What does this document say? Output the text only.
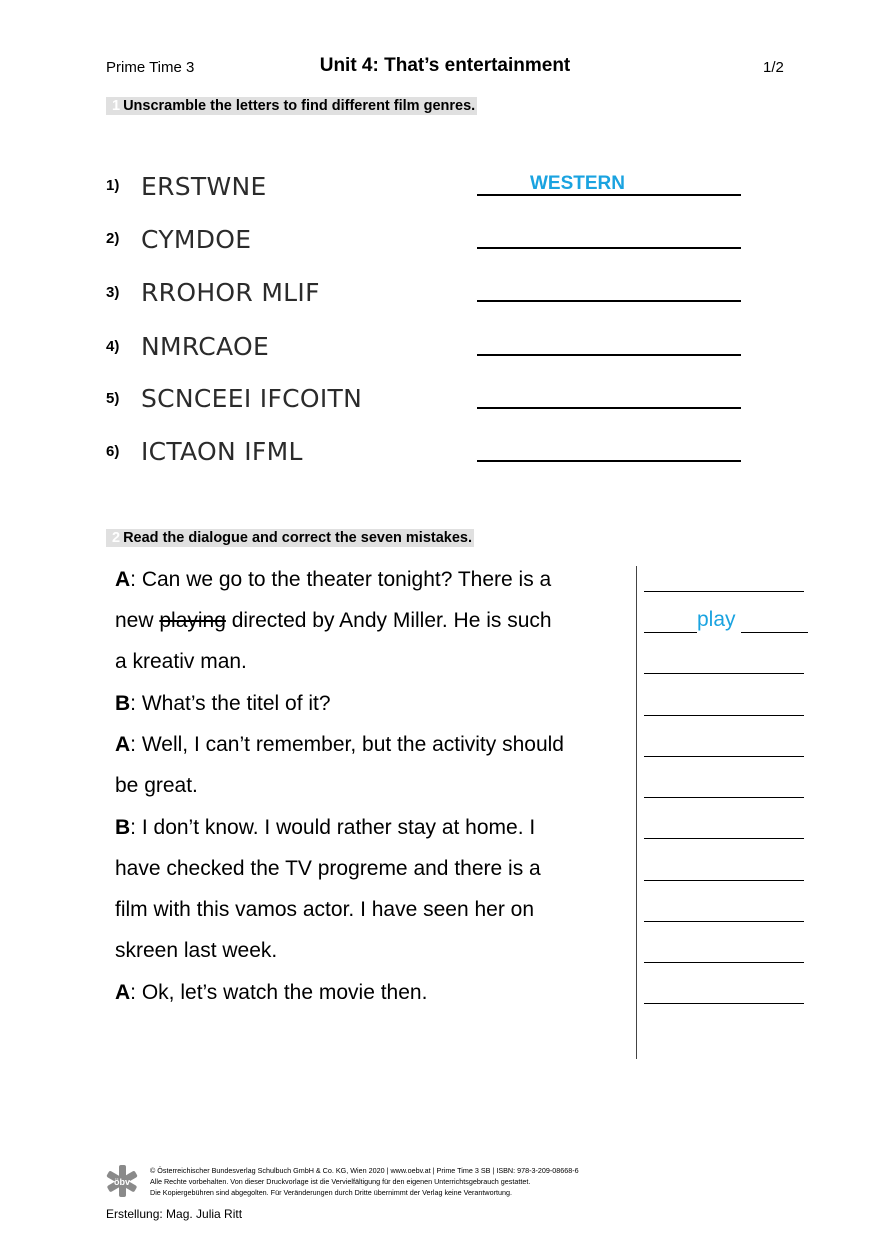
Prime Time 3	Unit 4: That’s entertainment	1/2
1 Unscramble the letters to find different film genres.
1) ERSTWNE	WESTERN
2) CYMDOE
3) RROHOR MLIF
4) NMRCAOE
5) SCNCEEI IFCOITN
6) ICTAON IFML
2 Read the dialogue and correct the seven mistakes.
A: Can we go to the theater tonight? There is a
new playing directed by Andy Miller. He is such
a kreativ man.
B: What’s the titel of it?
A: Well, I can’t remember, but the activity should
be great.
B: I don’t know. I would rather stay at home. I
have checked the TV progreme and there is a
film with this vamos actor. I have seen her on
skreen last week.
A: Ok, let’s watch the movie then.
play
öbv
© Österreichischer Bundesverlag Schulbuch GmbH & Co. KG, Wien 2020 | www.oebv.at | Prime Time 3 SB | ISBN: 978-3-209-08668-6
Alle Rechte vorbehalten. Von dieser Druckvorlage ist die Vervielfältigung für den eigenen Unterrichtsgebrauch gestattet.
Die Kopiergebühren sind abgegolten. Für Veränderungen durch Dritte übernimmt der Verlag keine Verantwortung.
Erstellung: Mag. Julia Ritt
